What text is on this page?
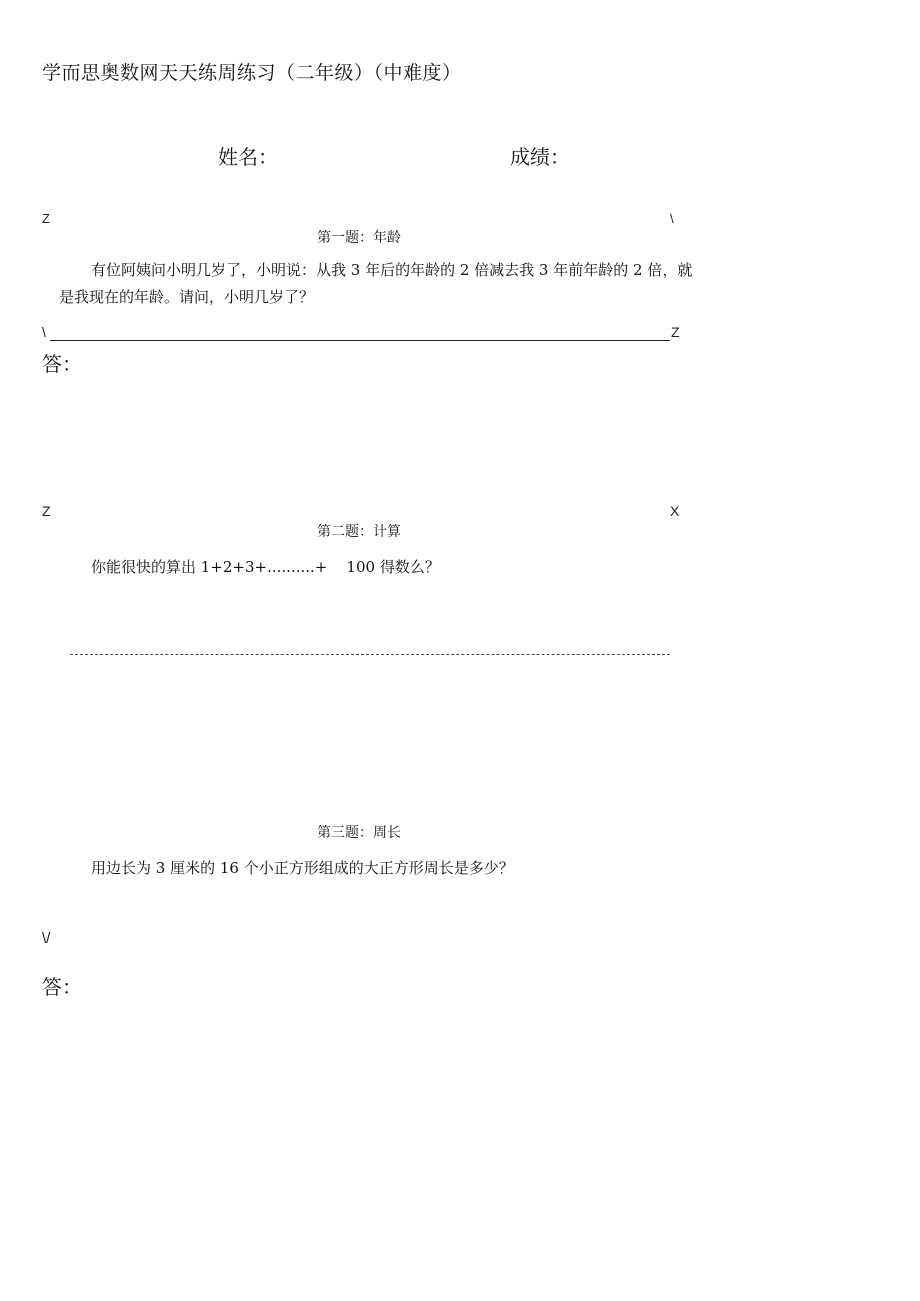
学而思奥数网天天练周练习（二年级）（中难度）
姓名：	成绩：
Z	\
第一题：年龄
有位阿姨问小明几岁了，小明说：从我 3 年后的年龄的 2 倍减去我 3 年前年龄的 2 倍，就
是我现在的年龄。请问，小明几岁了？
\	Z
答：
Z	X
第二题：计算
你能很快的算出 1+2+3+..........+    100 得数么？
第三题：周长
用边长为 3 厘米的 16 个小正方形组成的大正方形周长是多少？
\/
答：
